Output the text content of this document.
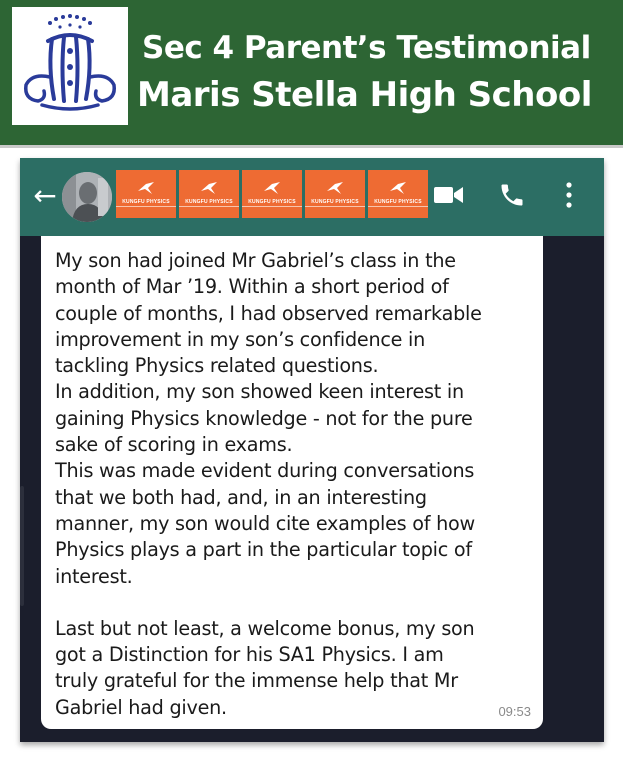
Sec 4 Parent’s Testimonial
Maris Stella High School
←	KUNGFU PHYSICS	KUNGFU PHYSICS	KUNGFU PHYSICS	KUNGFU PHYSICS	KUNGFU PHYSICS

My son had joined Mr Gabriel’s class in the

month of Mar ’19. Within a short period of

couple of months, I had observed remarkable

improvement in my son’s confidence in

tackling Physics related questions.

In addition, my son showed keen interest in

gaining Physics knowledge - not for the pure

sake of scoring in exams.

This was made evident during conversations

that we both had, and, in an interesting

manner, my son would cite examples of how

Physics plays a part in the particular topic of

interest.

Last but not least, a welcome bonus, my son

got a Distinction for his SA1 Physics. I am

truly grateful for the immense help that Mr

Gabriel had given.	09:53
